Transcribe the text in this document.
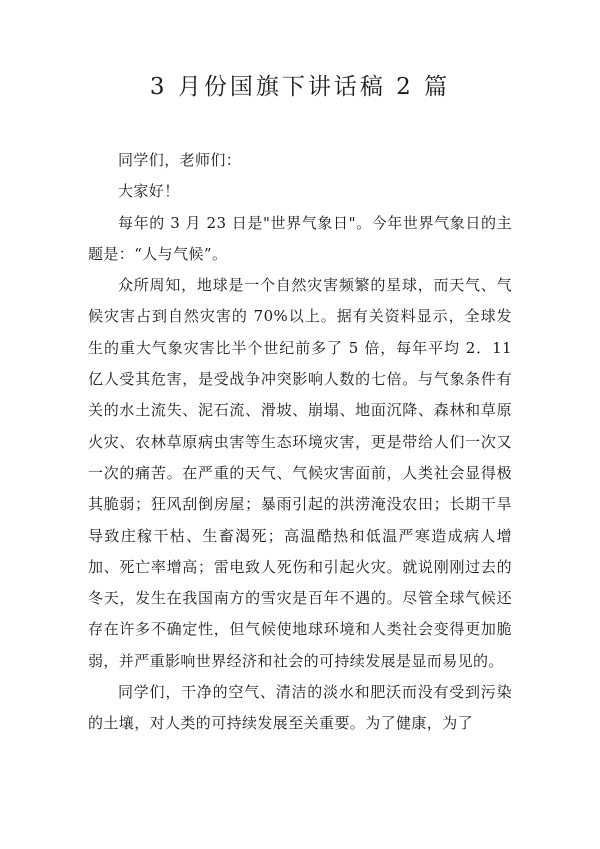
3 月份国旗下讲话稿 2 篇

同学们，老师们：

大家好！

每年的 3 月 23 日是"世界气象日"。今年世界气象日的主题是：“人与气候”。

众所周知，地球是一个自然灾害频繁的星球，而天气、气候灾害占到自然灾害的 70%以上。据有关资料显示，全球发生的重大气象灾害比半个世纪前多了 5 倍，每年平均 2．11 亿人受其危害，是受战争冲突影响人数的七倍。与气象条件有关的水土流失、泥石流、滑坡、崩塌、地面沉降、森林和草原火灾、农林草原病虫害等生态环境灾害，更是带给人们一次又一次的痛苦。在严重的天气、气候灾害面前，人类社会显得极其脆弱；狂风刮倒房屋；暴雨引起的洪涝淹没农田；长期干旱导致庄稼干枯、生畜渴死；高温酷热和低温严寒造成病人增加、死亡率增高；雷电致人死伤和引起火灾。就说刚刚过去的冬天，发生在我国南方的雪灾是百年不遇的。尽管全球气候还存在许多不确定性，但气候使地球环境和人类社会变得更加脆弱，并严重影响世界经济和社会的可持续发展是显而易见的。

同学们，干净的空气、清洁的淡水和肥沃而没有受到污染的土壤，对人类的可持续发展至关重要。为了健康，为了
